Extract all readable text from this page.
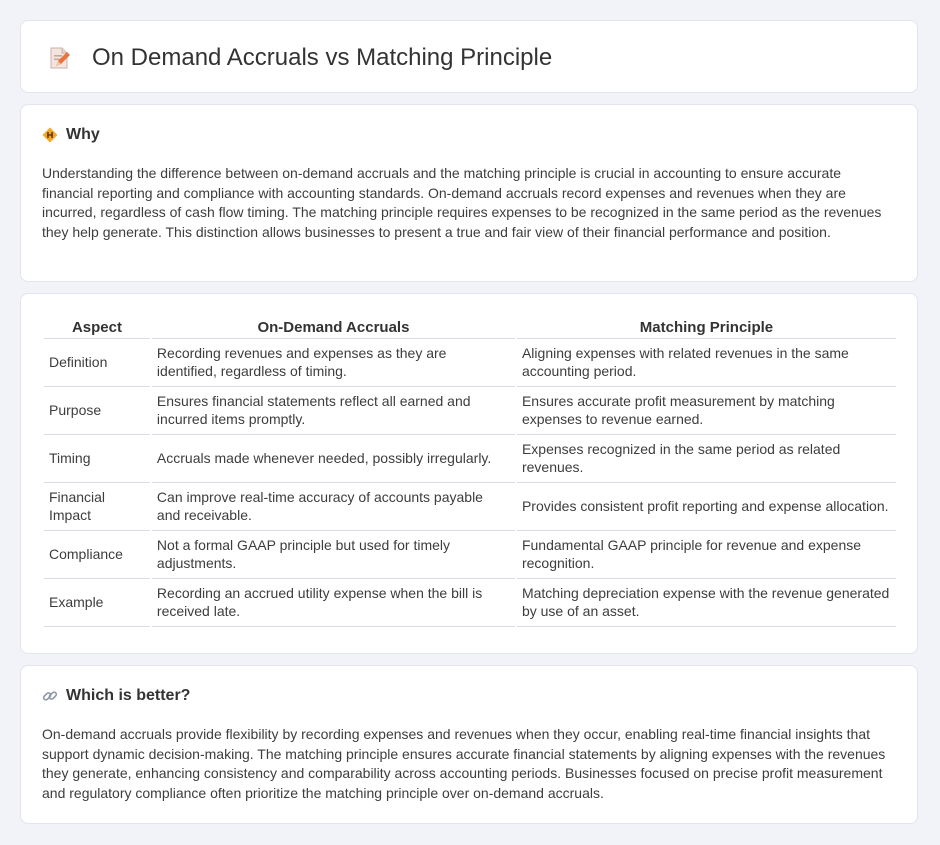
On Demand Accruals vs Matching Principle
Why

Understanding the difference between on-demand accruals and the matching principle is crucial in accounting to ensure accurate financial reporting and compliance with accounting standards. On-demand accruals record expenses and revenues when they are incurred, regardless of cash flow timing. The matching principle requires expenses to be recognized in the same period as the revenues they help generate. This distinction allows businesses to present a true and fair view of their financial performance and position.

Aspect	On-Demand Accruals	Matching Principle
Definition	Recording revenues and expenses as they are identified, regardless of timing.	Aligning expenses with related revenues in the same accounting period.
Purpose	Ensures financial statements reflect all earned and incurred items promptly.	Ensures accurate profit measurement by matching expenses to revenue earned.
Timing	Accruals made whenever needed, possibly irregularly.	Expenses recognized in the same period as related revenues.
Financial Impact	Can improve real-time accuracy of accounts payable and receivable.	Provides consistent profit reporting and expense allocation.
Compliance	Not a formal GAAP principle but used for timely adjustments.	Fundamental GAAP principle for revenue and expense recognition.
Example	Recording an accrued utility expense when the bill is received late.	Matching depreciation expense with the revenue generated by use of an asset.
Which is better?

On-demand accruals provide flexibility by recording expenses and revenues when they occur, enabling real-time financial insights that support dynamic decision-making. The matching principle ensures accurate financial statements by aligning expenses with the revenues they generate, enhancing consistency and comparability across accounting periods. Businesses focused on precise profit measurement and regulatory compliance often prioritize the matching principle over on-demand accruals.
